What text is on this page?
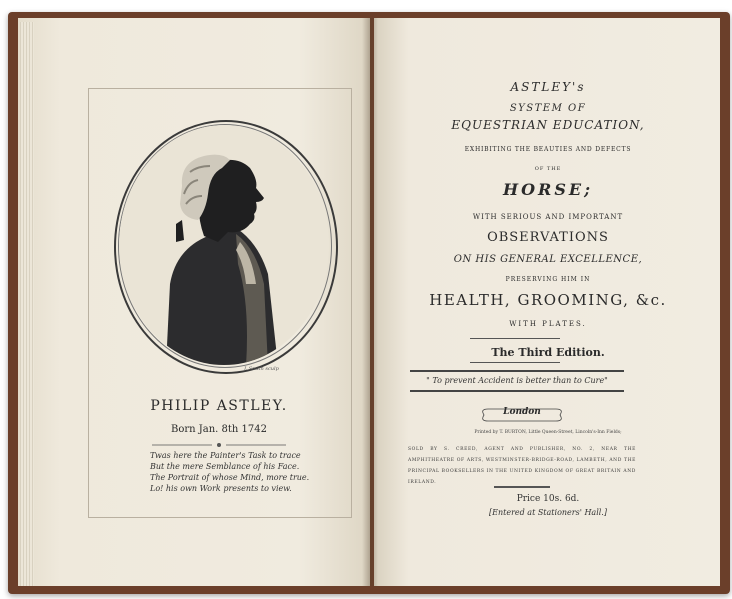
J. Smith sculp
PHILIP ASTLEY.
Born Jan. 8th 1742
Twas here the Painter's Task to trace
But the mere Semblance of his Face.
The Portrait of whose Mind, more true.
Lo! his own Work presents to view.
ASTLEY's
SYSTEM OF
EQUESTRIAN EDUCATION,
EXHIBITING THE BEAUTIES AND DEFECTS
OF THE
HORSE;
WITH SERIOUS AND IMPORTANT
OBSERVATIONS
ON HIS GENERAL EXCELLENCE,
PRESERVING HIM IN
HEALTH, GROOMING, &c.
WITH PLATES.
The Third Edition.
" To prevent Accident is better than to Cure"
London
Printed by T. BURTON, Little Queen-Street, Lincoln's-Inn Fields;
SOLD BY S. CREED, AGENT AND PUBLISHER, NO. 2, NEAR THE AMPHITHEATRE OF ARTS, WESTMINSTER-BRIDGE-ROAD, LAMBETH, AND THE PRINCIPAL BOOKSELLERS IN THE UNITED KINGDOM OF GREAT BRITAIN AND IRELAND.
Price 10s. 6d.
[Entered at Stationers' Hall.]
